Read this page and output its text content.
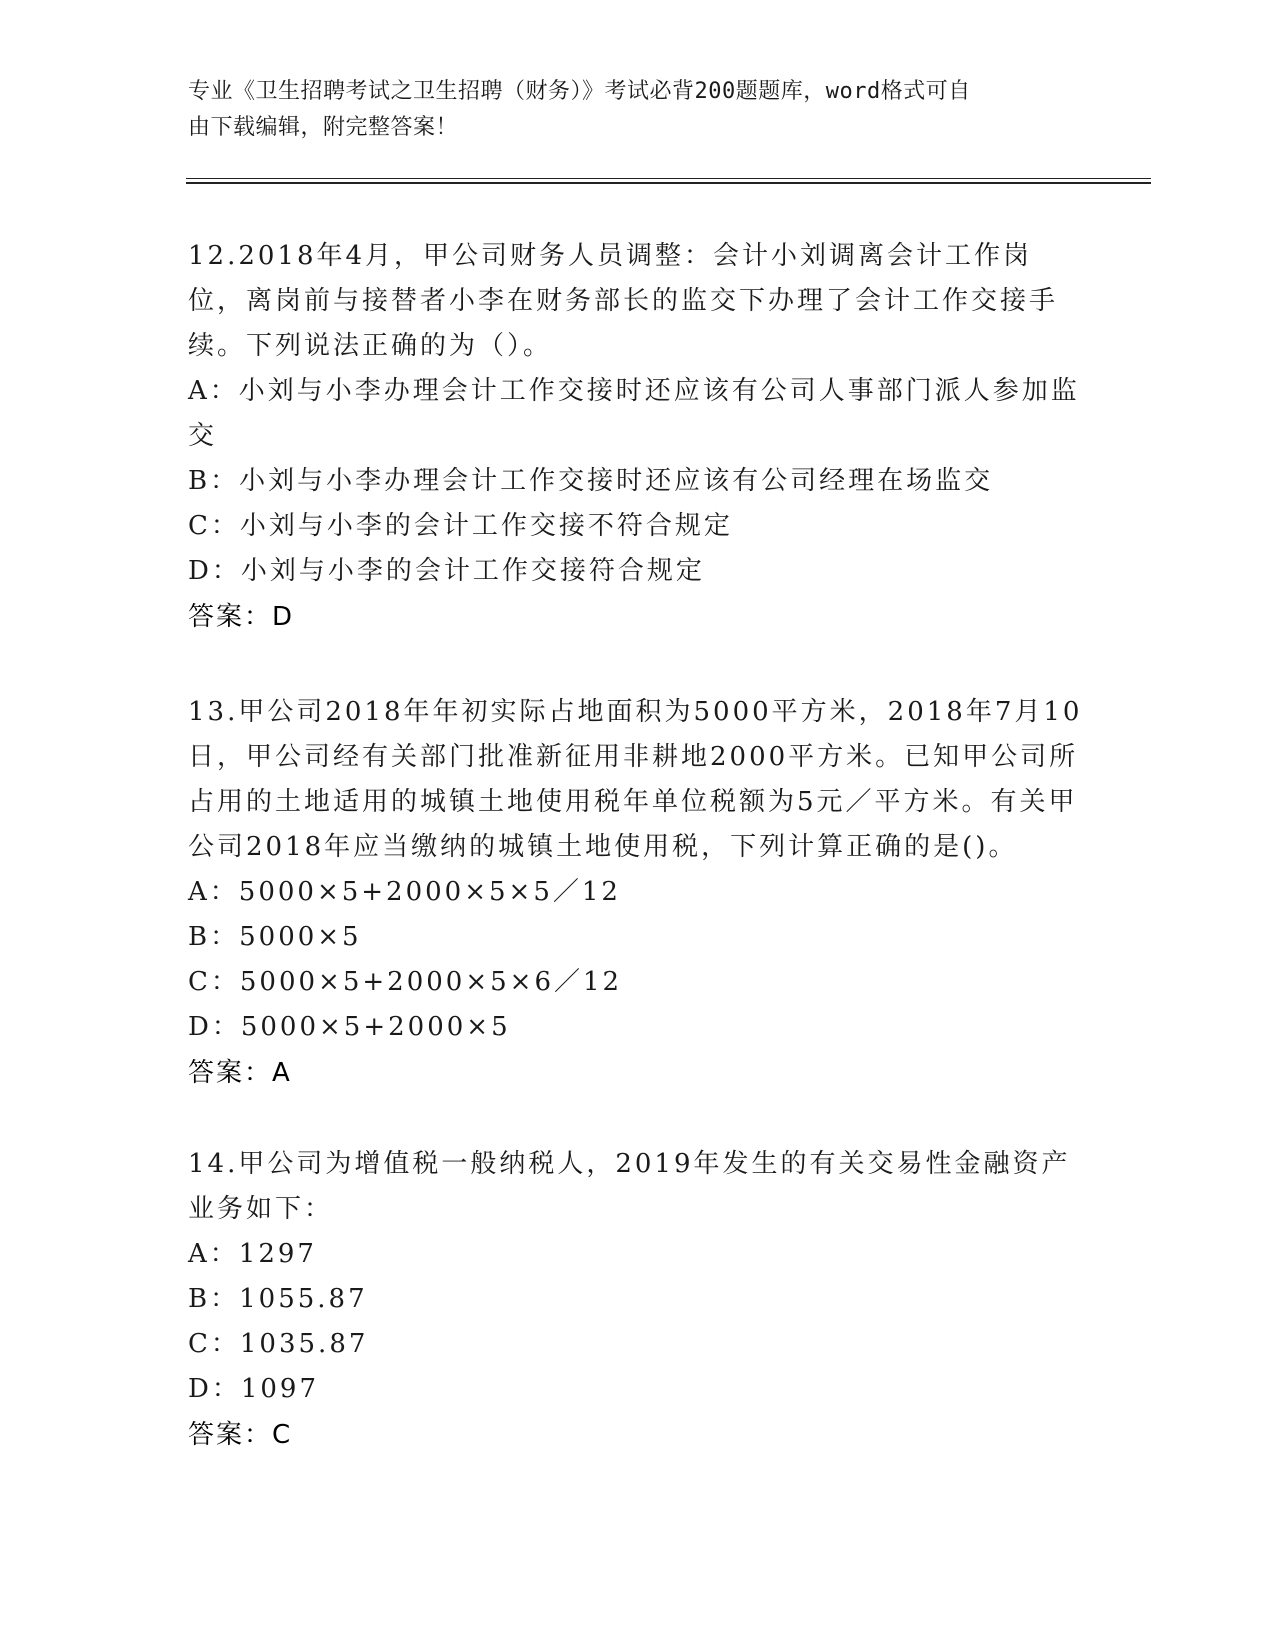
专业《卫生招聘考试之卫生招聘（财务）》考试必背200题题库，word格式可自
由下载编辑，附完整答案！
12.2018年4月，甲公司财务人员调整：会计小刘调离会计工作岗位，离岗前与接替者小李在财务部长的监交下办理了会计工作交接手续。下列说法正确的为（）。
A：小刘与小李办理会计工作交接时还应该有公司人事部门派人参加监交
B：小刘与小李办理会计工作交接时还应该有公司经理在场监交
C：小刘与小李的会计工作交接不符合规定
D：小刘与小李的会计工作交接符合规定
答案：D
13.甲公司2018年年初实际占地面积为5000平方米，2018年7月10日，甲公司经有关部门批准新征用非耕地2000平方米。已知甲公司所占用的土地适用的城镇土地使用税年单位税额为5元／平方米。有关甲公司2018年应当缴纳的城镇土地使用税，下列计算正确的是()。
A：5000×5+2000×5×5／12
B：5000×5
C：5000×5+2000×5×6／12
D：5000×5+2000×5
答案：A
14.甲公司为增值税一般纳税人，2019年发生的有关交易性金融资产业务如下：
A：1297
B：1055.87
C：1035.87
D：1097
答案：C
